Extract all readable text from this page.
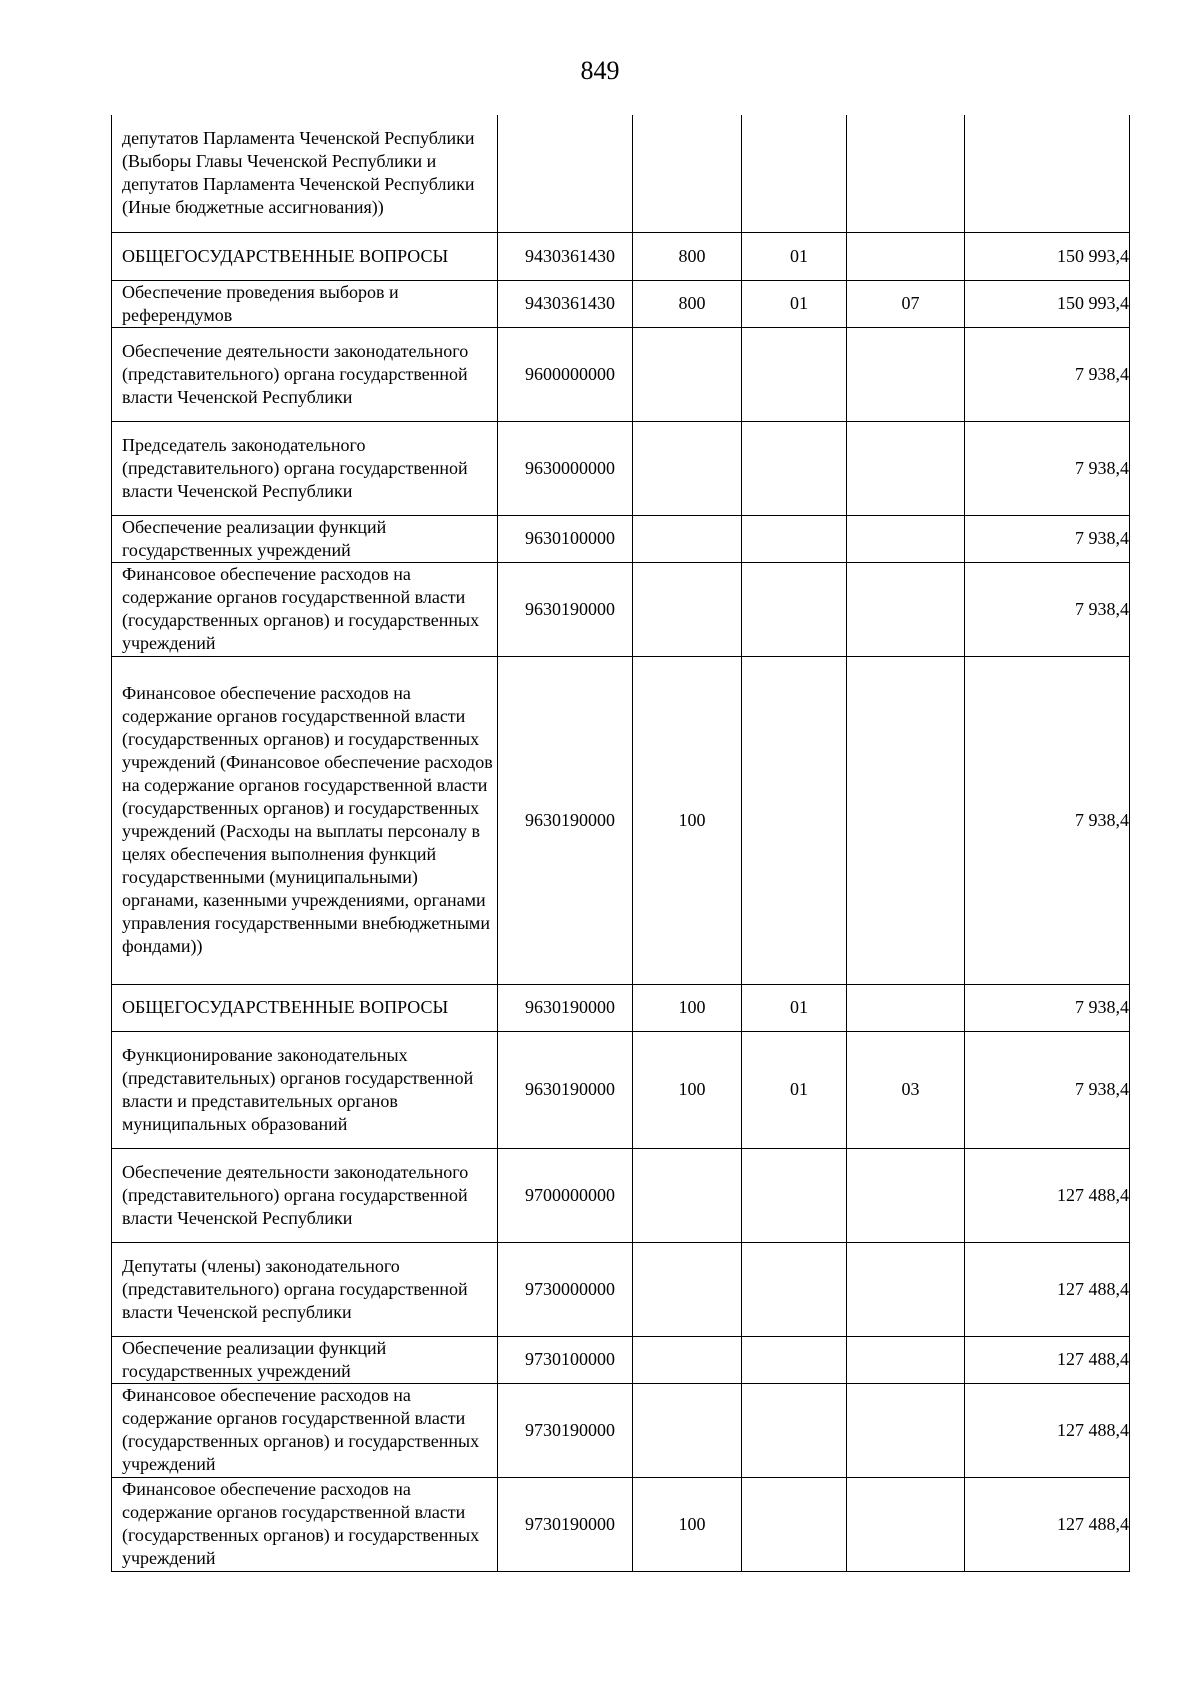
849
депутатов Парламента Чеченской Республики (Выборы Главы Чеченской Республики и депутатов Парламента Чеченской Республики (Иные бюджетные ассигнования))					
ОБЩЕГОСУДАРСТВЕННЫЕ ВОПРОСЫ	9430361430	800	01		150 993,4
Обеспечение проведения выборов и референдумов	9430361430	800	01	07	150 993,4
Обеспечение деятельности законодательного (представительного) органа государственной власти Чеченской Республики	9600000000				7 938,4
Председатель законодательного (представительного) органа государственной власти Чеченской Республики	9630000000				7 938,4
Обеспечение реализации функций государственных учреждений	9630100000				7 938,4
Финансовое обеспечение расходов на содержание органов государственной власти (государственных органов) и государственных учреждений	9630190000				7 938,4
Финансовое обеспечение расходов на содержание органов государственной власти (государственных органов) и государственных учреждений (Финансовое обеспечение расходов на содержание органов государственной власти (государственных органов) и государственных учреждений (Расходы на выплаты персоналу в целях обеспечения выполнения функций государственными (муниципальными) органами, казенными учреждениями, органами управления государственными внебюджетными фондами))	9630190000	100			7 938,4
ОБЩЕГОСУДАРСТВЕННЫЕ ВОПРОСЫ	9630190000	100	01		7 938,4
Функционирование законодательных (представительных) органов государственной власти и представительных органов муниципальных образований	9630190000	100	01	03	7 938,4
Обеспечение деятельности законодательного (представительного) органа государственной власти Чеченской Республики	9700000000				127 488,4
Депутаты (члены) законодательного (представительного) органа государственной власти Чеченской республики	9730000000				127 488,4
Обеспечение реализации функций государственных учреждений	9730100000				127 488,4
Финансовое обеспечение расходов на содержание органов государственной власти (государственных органов) и государственных учреждений	9730190000				127 488,4
Финансовое обеспечение расходов на содержание органов государственной власти (государственных органов) и государственных учреждений	9730190000	100			127 488,4
